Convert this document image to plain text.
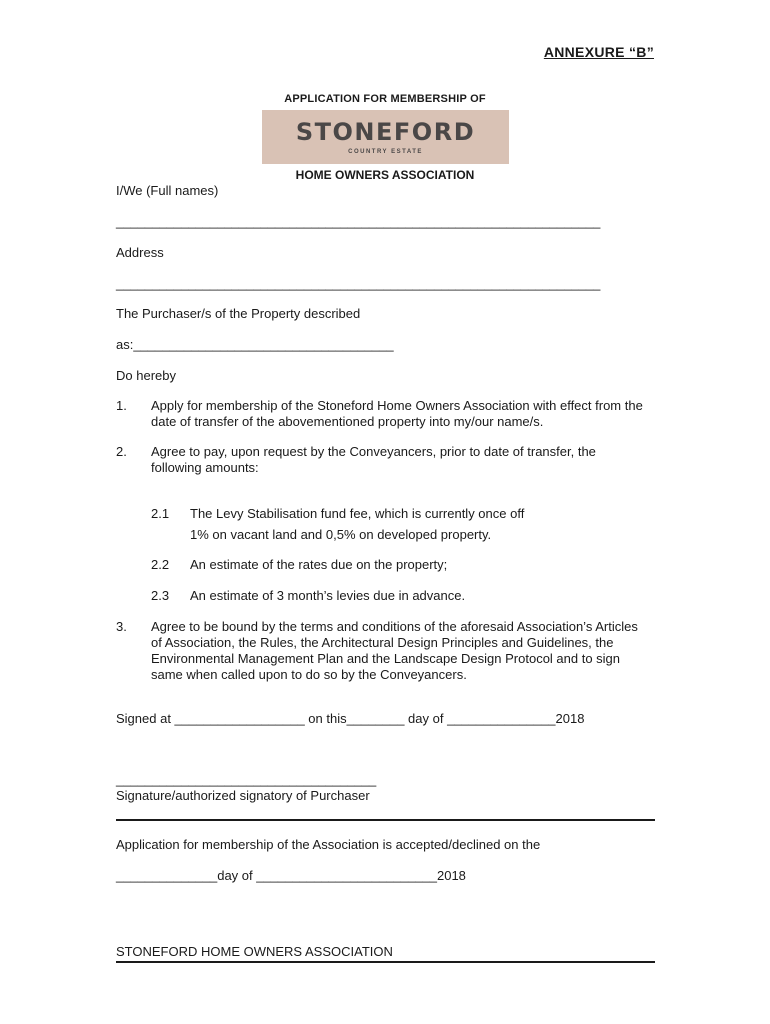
ANNEXURE “B”
APPLICATION FOR MEMBERSHIP OF
STONEFORD
COUNTRY ESTATE
HOME OWNERS ASSOCIATION
I/We (Full names)
___________________________________________________________________
Address
___________________________________________________________________
The Purchaser/s of the Property described
as:____________________________________
Do hereby
1. Apply for membership of the Stoneford Home Owners Association with effect from the date of transfer of the abovementioned property into my/our name/s.
2. Agree to pay, upon request by the Conveyancers, prior to date of transfer, the following amounts:
2.1 The Levy Stabilisation fund fee, which is currently once off
1% on vacant land and 0,5% on developed property.
2.2 An estimate of the rates due on the property;
2.3 An estimate of 3 month’s levies due in advance.
3. Agree to be bound by the terms and conditions of the aforesaid Association’s Articles of Association, the Rules, the Architectural Design Principles and Guidelines, the Environmental Management Plan and the Landscape Design Protocol and to sign same when called upon to do so by the Conveyancers.
Signed at __________________ on this________ day of _______________2018
____________________________________
Signature/authorized signatory of Purchaser
Application for membership of the Association is accepted/declined on the
______________day of _________________________2018
STONEFORD HOME OWNERS ASSOCIATION
